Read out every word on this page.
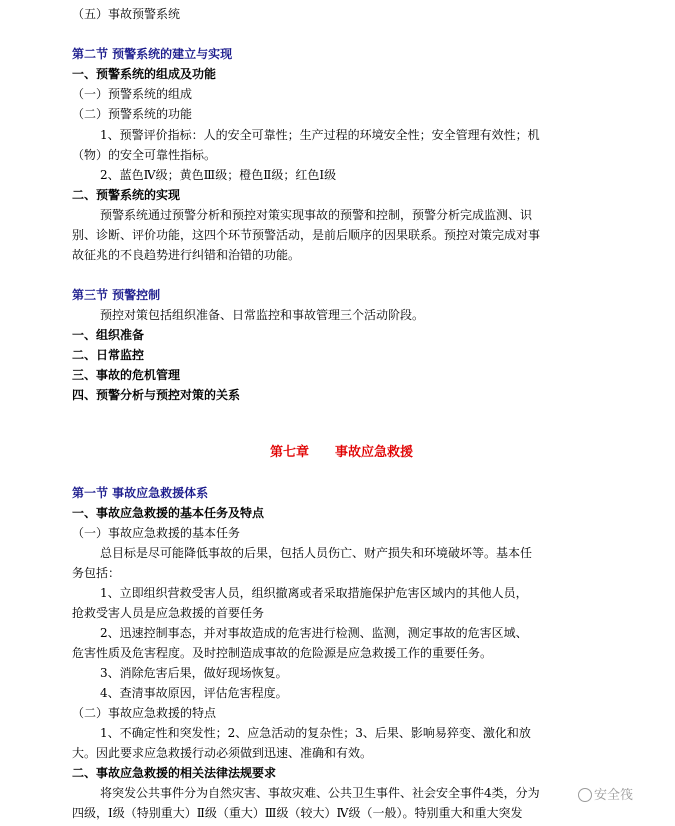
（五）事故预警系统
第二节 预警系统的建立与实现
一、预警系统的组成及功能
（一）预警系统的组成
（二）预警系统的功能
1、预警评价指标：人的安全可靠性；生产过程的环境安全性；安全管理有效性；机
（物）的安全可靠性指标。
2、蓝色Ⅳ级；黄色Ⅲ级；橙色Ⅱ级；红色Ⅰ级
二、预警系统的实现
预警系统通过预警分析和预控对策实现事故的预警和控制，预警分析完成监测、识
别、诊断、评价功能，这四个环节预警活动，是前后顺序的因果联系。预控对策完成对事
故征兆的不良趋势进行纠错和治错的功能。
第三节 预警控制
预控对策包括组织准备、日常监控和事故管理三个活动阶段。
一、组织准备
二、日常监控
三、事故的危机管理
四、预警分析与预控对策的关系
第七章　　事故应急救援
第一节 事故应急救援体系
一、事故应急救援的基本任务及特点
（一）事故应急救援的基本任务
总目标是尽可能降低事故的后果，包括人员伤亡、财产损失和环境破坏等。基本任
务包括：
1、立即组织营救受害人员，组织撤离或者采取措施保护危害区域内的其他人员，
抢救受害人员是应急救援的首要任务
2、迅速控制事态，并对事故造成的危害进行检测、监测，测定事故的危害区域、
危害性质及危害程度。及时控制造成事故的危险源是应急救援工作的重要任务。
3、消除危害后果，做好现场恢复。
4、查清事故原因，评估危害程度。
（二）事故应急救援的特点
1、不确定性和突发性；2、应急活动的复杂性；3、后果、影响易猝变、激化和放
大。因此要求应急救援行动必须做到迅速、准确和有效。
二、事故应急救援的相关法律法规要求
将突发公共事件分为自然灾害、事故灾难、公共卫生事件、社会安全事件4类，分为
四级，Ⅰ级（特别重大）Ⅱ级（重大）Ⅲ级（较大）Ⅳ级（一般）。特别重大和重大突发
安全筏
